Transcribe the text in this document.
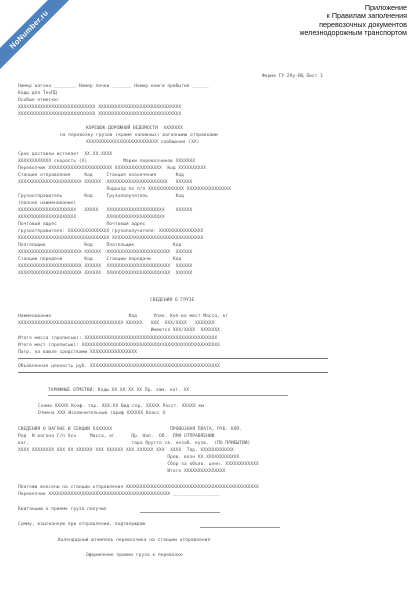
NoNumber.ru
Приложение
к Правилам заполнения
перевозочных документов
железнодорожным транспортом
Форма ГУ 29у-ВЦ Лист 1
Номер вагона ________ Номер пачки _______ Номер книги прибытия ______
Коды для ТехПД
Особые отметки:
XXXXXXXXXXXXXXXXXXXXXXXXXXXX XXXXXXXXXXXXXXXXXXXXXXXXXXXXXX
XXXXXXXXXXXXXXXXXXXXXXXXXXXX XXXXXXXXXXXXXXXXXXXXXXXXXXXXXX
КОРЕШОК ДОРОЖНОЙ ВЕДОМОСТИ  XXXXXXX
на перевозку грузов (кроме наливных) вагонными отправками
XXXXXXXXXXXXXXXXXXXXXXXXXX сообщения (XX)
Срок доставки истекает  XX.XX.XXXX
XXXXXXXXXXXX скорость (X)             Марки перевозчиков XXXXXXX
Перевозчик XXXXXXXXXXXXXXXXXXXXXXX XXXXXXXXXXXXXXXXX  Код XXXXXXXXXX
Станция отправления     Код     Станция назначения       Код
XXXXXXXXXXXXXXXXXXXXXXX XXXXXX  XXXXXXXXXXXXXXXXXXXXXX   XXXXXX
Подъезд по п/п XXXXXXXXXXXXX XXXXXXXXXXXXXXXX
Грузоотправитель        Код     Грузополучатель          Код
(полное наименование)
XXXXXXXXXXXXXXXXXXXXX   XXXXX   XXXXXXXXXXXXXXXXXXXXX    XXXXXX
XXXXXXXXXXXXXXXXXXXXX           XXXXXXXXXXXXXXXXXXXXX
Почтовый адрес                  Почтовый адрес
грузоотправителя: XXXXXXXXXXXXXXX грузополучателя: XXXXXXXXXXXXXXXX
XXXXXXXXXXXXXXXXXXXXXXXXXXXXXXXXX XXXXXXXXXXXXXXXXXXXXXXXXXXXXXXXXX
Плательщик              Код     Плательщик              Код
XXXXXXXXXXXXXXXXXXXXXXX XXXXXX  XXXXXXXXXXXXXXXXXXXXXXX  XXXXXX
Станции передачи        Код     Станции передачи        Код
XXXXXXXXXXXXXXXXXXXXXXX XXXXXX  XXXXXXXXXXXXXXXXXXXXXXX  XXXXXX
XXXXXXXXXXXXXXXXXXXXXXX XXXXXX  XXXXXXXXXXXXXXXXXXXXXXX  XXXXXX
СВЕДЕНИЯ О ГРУЗЕ
Наименование                            Код      Упак. Кол-во мест Масса, кг
XXXXXXXXXXXXXXXXXXXXXXXXXXXXXXXXXXXXXX XXXXXX   XXX  XXX/XXXX   XXXXXXX
Имеются XXX/XXXX  XXXXXXX
Итого масса (прописью): XXXXXXXXXXXXXXXXXXXXXXXXXXXXXXXXXXXXXXXXXXXXXXXX
Итого мест (прописью): XXXXXXXXXXXXXXXXXXXXXXXXXXXXXXXXXXXXXXXXXXXXXXXXXX
Погр. на ваюзе средствами XXXXXXXXXXXXXXXXX
Объявленная ценность руб. XXXXXXXXXXXXXXXXXXXXXXXXXXXXXXXXXXXXXXXXXXXXXXX
ТАРИФНЫЕ ОТМЕТКИ: Коды ХХ ХХ ХХ ХХ Пр. зам. кат. ХХ
Схема ХХХХХ Коэф. тар. ХХХ.ХХ Вид спр. ХХХХХ Расст. ХХХХХ км
Отмена ХХХ Исключительный тариф ХХХХХХ Класс Х
СВЕДЕНИЯ О ВАГОНЕ И СЕКЦИИ XXXXXXX                     ПРОВОЗНАЯ ПЛАТА, РУБ. КОП.
Род  N вагона Г/п Осн     Масса, кг      Пр. Нал.  Об.  ПРИ ОТПРАВЛЕНИИ
ваг.                                     тара брутто св. незаб. кузв.  (ПО ПРИБЫТИИ)
XXXX XXXXXXXX XXX XX XXXXXX XXX XXXXXX XXX XXXXXX XXX  XXXX  Тар. XXXXXXXXXXXX
Пров. возн XX.XXXXXXXXXXXX
Сбор за объяв. ценн. XXXXXXXXXXXX
Итого XXXXXXXXXXXXXXX
Платежи внесены на станции отправления XXXXXXXXXXXXXXXXXXXXXXXXXXXXXXXXXXXXXXXXXXXXXXXX
Перевозчик XXXXXXXXXXXXXXXXXXXXXXXXXXXXXXXXXXXXXXXXXXXX _________________
Квитанцию о приеме груза получил
Сумму, взысканную при отправлении, подтверждаю
Календарный штемпель перевозчика на станции отправления
Оформление приема груза к перевозке
